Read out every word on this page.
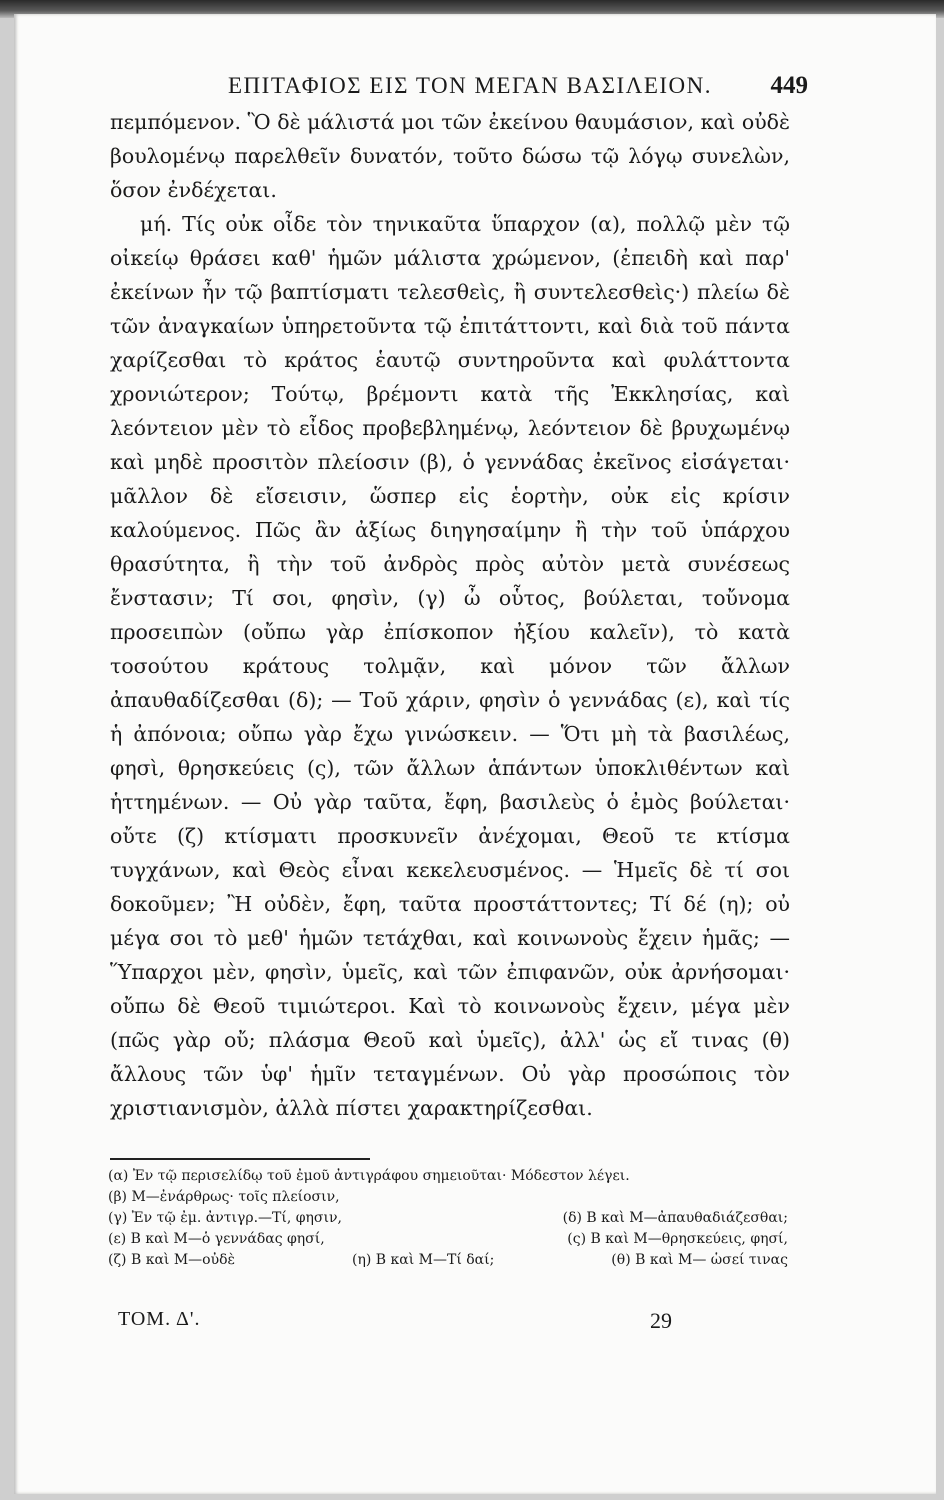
ΕΠΙΤΑΦΙΟΣ ΕΙΣ ΤΟΝ ΜΕΓΑΝ ΒΑΣΙΛΕΙΟΝ. 449

πεμπόμενον. Ὃ δὲ μάλιστά μοι τῶν ἐκείνου θαυμάσιον, καὶ οὐδὲ βουλομένῳ παρελθεῖν δυνατόν, τοῦτο δώσω τῷ λόγῳ συνελὼν, ὅσον ἐνδέχεται.

μή. Τίς οὐκ οἶδε τὸν τηνικαῦτα ὕπαρχον (α), πολλῷ μὲν τῷ οἰκείῳ θράσει καθ' ἡμῶν μάλιστα χρώμενον, (ἐπειδὴ καὶ παρ' ἐκείνων ἦν τῷ βαπτίσματι τελεσθεὶς, ἢ συντελεσθεὶς·) πλείω δὲ τῶν ἀναγκαίων ὑπηρετοῦντα τῷ ἐπιτάττοντι, καὶ διὰ τοῦ πάντα χαρίζεσθαι τὸ κράτος ἑαυτῷ συντηροῦντα καὶ φυλάττοντα χρονιώτερον; Τούτῳ, βρέμοντι κατὰ τῆς Ἐκκλησίας, καὶ λεόντειον μὲν τὸ εἶδος προβεβλημένῳ, λεόντειον δὲ βρυχωμένῳ καὶ μηδὲ προσιτὸν πλείοσιν (β), ὁ γεννάδας ἐκεῖνος εἰσάγεται· μᾶλλον δὲ εἴσεισιν, ὥσπερ εἰς ἑορτὴν, οὐκ εἰς κρίσιν καλούμενος. Πῶς ἂν ἀξίως διηγησαίμην ἢ τὴν τοῦ ὑπάρχου θρασύτητα, ἢ τὴν τοῦ ἀνδρὸς πρὸς αὐτὸν μετὰ συνέσεως ἔνστασιν; Τί σοι, φησὶν, (γ) ὦ οὗτος, βούλεται, τοὔνομα προσειπὼν (οὔπω γὰρ ἐπίσκοπον ἠξίου καλεῖν), τὸ κατὰ τοσούτου κράτους τολμᾷν, καὶ μόνον τῶν ἄλλων ἀπαυθαδίζεσθαι (δ); — Τοῦ χάριν, φησὶν ὁ γεννάδας (ε), καὶ τίς ἡ ἀπόνοια; οὔπω γὰρ ἔχω γινώσκειν. — Ὅτι μὴ τὰ βασιλέως, φησὶ, θρησκεύεις (ς), τῶν ἄλλων ἁπάντων ὑποκλιθέντων καὶ ἡττημένων. — Οὐ γὰρ ταῦτα, ἔφη, βασιλεὺς ὁ ἐμὸς βούλεται· οὔτε (ζ) κτίσματι προσκυνεῖν ἀνέχομαι, Θεοῦ τε κτίσμα τυγχάνων, καὶ Θεὸς εἶναι κεκελευσμένος. — Ἡμεῖς δὲ τί σοι δοκοῦμεν; Ἢ οὐδὲν, ἔφη, ταῦτα προστάττοντες; Τί δέ (η); οὐ μέγα σοι τὸ μεθ' ἡμῶν τετάχθαι, καὶ κοινωνοὺς ἔχειν ἡμᾶς; — Ὕπαρχοι μὲν, φησὶν, ὑμεῖς, καὶ τῶν ἐπιφανῶν, οὐκ ἀρνήσομαι· οὔπω δὲ Θεοῦ τιμιώτεροι. Καὶ τὸ κοινωνοὺς ἔχειν, μέγα μὲν (πῶς γὰρ οὔ; πλάσμα Θεοῦ καὶ ὑμεῖς), ἀλλ' ὡς εἴ τινας (θ) ἄλλους τῶν ὑφ' ἡμῖν τεταγμένων. Οὐ γὰρ προσώποις τὸν χριστιανισμὸν, ἀλλὰ πίστει χαρακτηρίζεσθαι.

(α) Ἐν τῷ περισελίδῳ τοῦ ἐμοῦ ἀντιγράφου σημειοῦται· Μόδεστον λέγει.
(β) Μ—ἐνάρθρως· τοῖς πλείοσιν,
(γ) Ἐν τῷ ἐμ. ἀντιγρ.—Τί, φησιν,	(δ) Β καὶ Μ—ἀπαυθαδιάζεσθαι;
(ε) Β καὶ Μ—ὁ γεννάδας φησί,	(ς) Β καὶ Μ—θρησκεύεις, φησί,
(ζ) Β καὶ Μ—οὐδὲ	(η) Β καὶ Μ—Τί δαί;	(θ) Β καὶ Μ— ὡσεί τινας
ΤΟΜ. Δ'.	29
